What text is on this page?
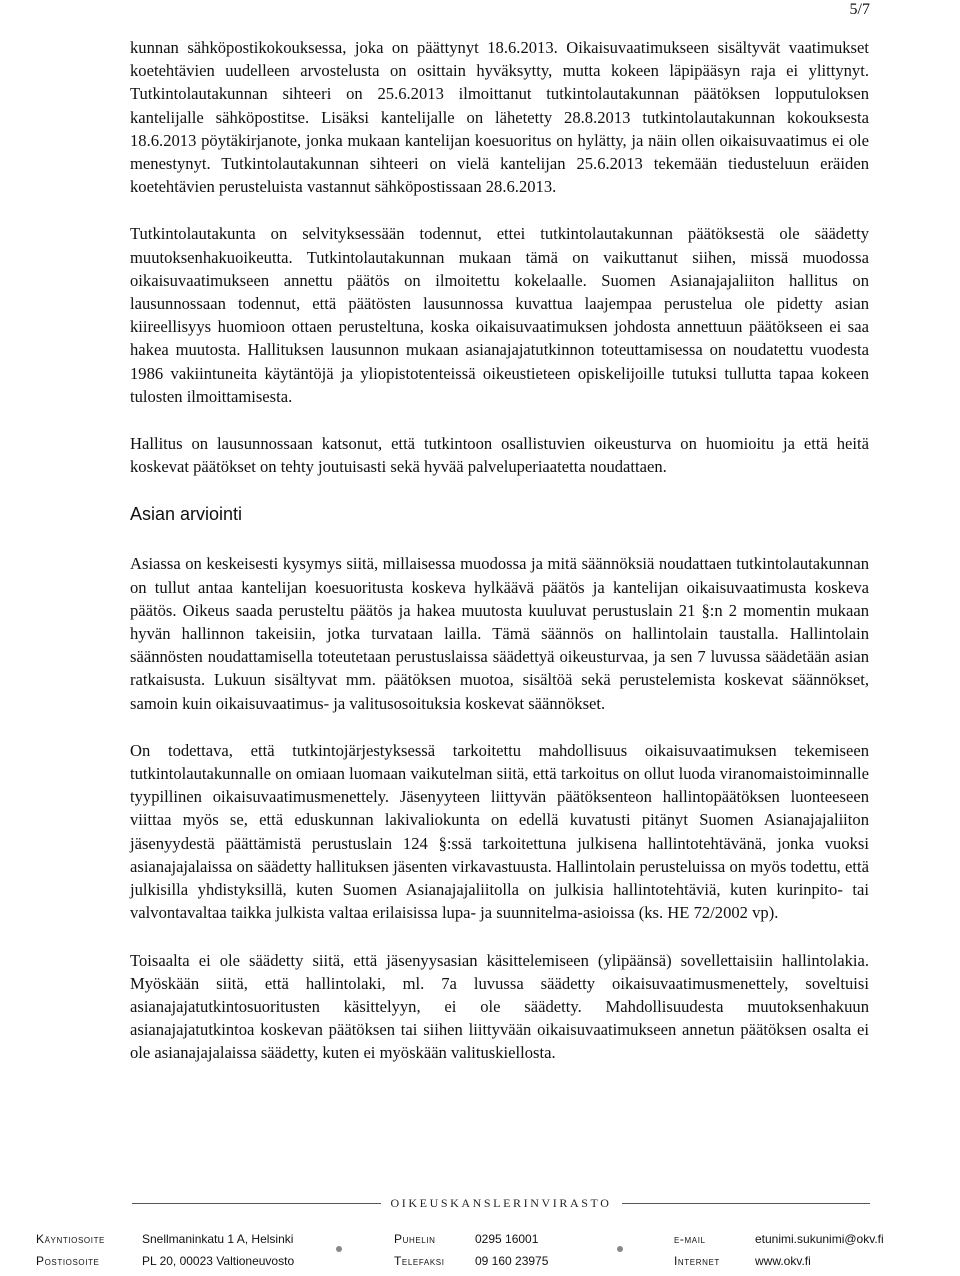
5/7

kunnan sähköpostikokouksessa, joka on päättynyt 18.6.2013. Oikaisuvaatimukseen sisältyvät vaatimukset koetehtävien uudelleen arvostelusta on osittain hyväksytty, mutta kokeen läpipääsyn raja ei ylittynyt. Tutkintolautakunnan sihteeri on 25.6.2013 ilmoittanut tutkintolautakunnan päätöksen lopputuloksen kantelijalle sähköpostitse. Lisäksi kantelijalle on lähetetty 28.8.2013 tutkintolautakunnan kokouksesta 18.6.2013 pöytäkirjanote, jonka mukaan kantelijan koesuoritus on hylätty, ja näin ollen oikaisuvaatimus ei ole menestynyt. Tutkintolautakunnan sihteeri on vielä kantelijan 25.6.2013 tekemään tiedusteluun eräiden koetehtävien perusteluista vastannut sähköpostissaan 28.6.2013.

Tutkintolautakunta on selvityksessään todennut, ettei tutkintolautakunnan päätöksestä ole säädetty muutoksenhakuoikeutta. Tutkintolautakunnan mukaan tämä on vaikuttanut siihen, missä muodossa oikaisuvaatimukseen annettu päätös on ilmoitettu kokelaalle. Suomen Asianajajaliiton hallitus on lausunnossaan todennut, että päätösten lausunnossa kuvattua laajempaa perustelua ole pidetty asian kiireellisyys huomioon ottaen perusteltuna, koska oikaisuvaatimuksen johdosta annettuun päätökseen ei saa hakea muutosta. Hallituksen lausunnon mukaan asianajajatutkinnon toteuttamisessa on noudatettu vuodesta 1986 vakiintuneita käytäntöjä ja yliopistotenteissä oikeustieteen opiskelijoille tutuksi tullutta tapaa kokeen tulosten ilmoittamisesta.

Hallitus on lausunnossaan katsonut, että tutkintoon osallistuvien oikeusturva on huomioitu ja että heitä koskevat päätökset on tehty joutuisasti sekä hyvää palveluperiaatetta noudattaen.

Asian arviointi

Asiassa on keskeisesti kysymys siitä, millaisessa muodossa ja mitä säännöksiä noudattaen tutkintolautakunnan on tullut antaa kantelijan koesuoritusta koskeva hylkäävä päätös ja kantelijan oikaisuvaatimusta koskeva päätös. Oikeus saada perusteltu päätös ja hakea muutosta kuuluvat perustuslain 21 §:n 2 momentin mukaan hyvän hallinnon takeisiin, jotka turvataan lailla. Tämä säännös on hallintolain taustalla. Hallintolain säännösten noudattamisella toteutetaan perustuslaissa säädettyä oikeusturvaa, ja sen 7 luvussa säädetään asian ratkaisusta. Lukuun sisältyvat mm. päätöksen muotoa, sisältöä sekä perustelemista koskevat säännökset, samoin kuin oikaisuvaatimus- ja valitusosoituksia koskevat säännökset.

On todettava, että tutkintojärjestyksessä tarkoitettu mahdollisuus oikaisuvaatimuksen tekemiseen tutkintolautakunnalle on omiaan luomaan vaikutelman siitä, että tarkoitus on ollut luoda viranomaistoiminnalle tyypillinen oikaisuvaatimusmenettely. Jäsenyyteen liittyvän päätöksenteon hallintopäätöksen luonteeseen viittaa myös se, että eduskunnan lakivaliokunta on edellä kuvatusti pitänyt Suomen Asianajajaliiton jäsenyydestä päättämistä perustuslain 124 §:ssä tarkoitettuna julkisena hallintotehtävänä, jonka vuoksi asianajajalaissa on säädetty hallituksen jäsenten virkavastuusta. Hallintolain perusteluissa on myös todettu, että julkisilla yhdistyksillä, kuten Suomen Asianajajaliitolla on julkisia hallintotehtäviä, kuten kurinpito- tai valvontavaltaa taikka julkista valtaa erilaisissa lupa- ja suunnitelma-asioissa (ks. HE 72/2002 vp).

Toisaalta ei ole säädetty siitä, että jäsenyysasian käsittelemiseen (ylipäänsä) sovellettaisiin hallintolakia. Myöskään siitä, että hallintolaki, ml. 7a luvussa säädetty oikaisuvaatimusmenettely, soveltuisi asianajajatutkintosuoritusten käsittelyyn, ei ole säädetty. Mahdollisuudesta muutoksenhakuun asianajajatutkintoa koskevan päätöksen tai siihen liittyvään oikaisuvaatimukseen annetun päätöksen osalta ei ole asianajajalaissa säädetty, kuten ei myöskään valituskiellosta.

OIKEUSKANSLERINVIRASTO
Käyntiosoite	Snellmaninkatu 1 A, Helsinki	Puhelin	0295 16001	e-mail	etunimi.sukunimi@okv.fi
Postiosoite	PL 20, 00023 Valtioneuvosto	Telefaksi	09 160 23975	Internet	www.okv.fi
